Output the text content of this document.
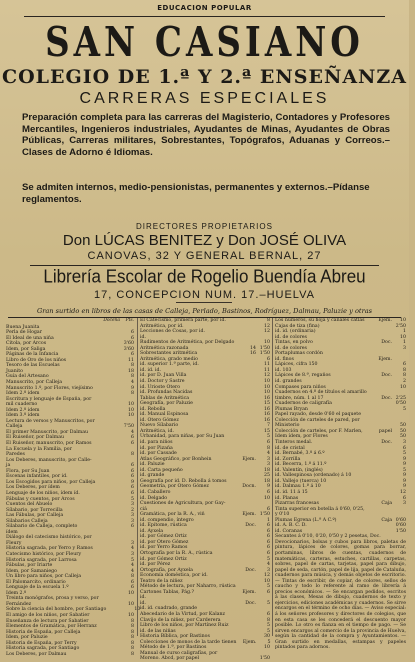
EDUCACION POPULAR
SAN CASIANO
COLEGIO DE 1.ª Y 2.ª ENSEÑANZA
CARRERAS ESPECIALES
Preparación completa para las carreras del Magisterio, Contadores y Profesores Mercantiles, Ingenieros industriales, Ayudantes de Minas, Ayudantes de Obras Públicas, Carreras militares, Sobrestantes, Topógrafos, Aduanas y Correos.–Clases de Adorno é Idiomas.
Se admiten internos, medio-pensionistas, permanentes y externos.–Pídanse reglamentos.
DIRECTORES PROPIETARIOS
Don LÚCAS BENITEZ y Don JOSÉ OLIVA
CANOVAS, 32 Y GENERAL BERNAL, 27
Librería Escolar de Rogelio Buendía Abreu
17, CONCEPCION NUM. 17.–HUELVA
Gran surtido en libros de las casas de Calleja, Perlado, Bastinos, Rodríguez, Dalmau, Paluzie y otras
Docena	Pts.
Buena Juanita
Perla de Hogar	6
El Ideal de una niña	6
Citola, por Arcos	3'60
Idem, por Saliga	3'60
Páginas de la Infancia	6
Libro de Oro de los niños	11
Tesoro de las Escuelas	8
Juanito	18
Guía del Artesano	8
Manuscrito, por Calleja	4
Manuscrito 1.º, por Flores, viejísimo	9
Idem 2.º idem	8
Escritura y lenguaje de España, por
mil cuaderno	10
Idem 2.º idem	10
Idem 3.º idem	10
Lectura de versos y Manuscritos, por
Calleja	7'50
El primer Manuscrito, por Dalmau	4
El Ruiseñor, por Dalmau	6
El Ruiseñor, manuscrito, por Ramos	6
La Escuela y la Familia, por
Paredes	8
Los Deberes, manuscrito, por Calle-
ja	6
Flora, por Su Juan	6
Escenas infantiles, por id.	6
Los Escogidos para niños, por Calleja	9
Los Deberes, por ídem	6
Lenguaje de los niños, ídem íd.	6
Fábulas y cuentos, por Arcos	5
Cuentos del Abuelo	3
Sílabario, por Torrecilla	2
Las Fábulas, por Calleja	3
Silabarios Calleja	3
Silabario de Calleja, completo	6
ídem
Diálogo del catecismo histórico, por
Fleury	3
Historia sagrada, por Yerro y Ramos	4
Catecismo histórico, por Fleury	3
Historia sagrada, por Larrosa	5
Fábulas, por Iriarte	4
Idem, por Samaniego	4
Un libro para niños, por Calleja	8
El Palomarcito, ordinario	6
Lenguaje de la escuela 1.º	6
Idem 2.º	10
Treinta monógrafos, prosa y verso, por
Fernández	10
Sobre la ciencia del hombre, por Santiago	10
El amigo de los niños, por Sabatier	10
Enseñanza de lectura por Sabatier	8
Elementos de Gramática, por Herranz	8
Historia de España, por Calleja	8
Idem, por Paluzie	8
Historia de España, por Terry	8
Historia sagrada, por Santiago	8
Los Deberes, por Dalmau	8
El Catecismo, primera parte, por id.	8
Aritmética, por id.	12
Lecciones de Cosas, por id.	12
id.
Rudimentos de Aritmética, por Delgado	10
Aritmética razonada	14 1'50
Sobrestantes aritmética	16 1'50
Aritmética, grado medio	6
id. superior 1.ª parte, id.	11
id. id. id.	11
id. por D. Juan Villa	12
id. Doctor y Sastre	10
id. Urioste Otero	10
id. Profundas Nacidas	10
Tablas de Aritmética	16
Geografía, por Paluzie	15
id. Rebolla	16
id. Manual Espinosa	16
id. Otero Gómez	16
Nuevo Sílabario	7
Aritmética, id.	15
Urbanidad, para niñas, por Su Juan	5
id. para niños	6
id. por Pizaña	8
id. por Cassade	4
Atlas Geográfico, por Bonhein	Ejem.	3
id. Paluzie	3
id. Carta pequeño	18
id. grande	25
Geografía por id. D. Rebolla á tomos	18
Geometría, por Otero Gómez	Docn.	9
id. Caballero	6
id. Delgado	10
Cuestiones de Agricultura, por Gay-
ciá	6
Gramática, por la R. A., viñ	Ejem. 1'50
id. compendio, íntegro	1
id. Epítome, rústica	Doc.	6
id. Ayxela	6
id. por Gómez Ortiz	6
id. por Otero Gómez	6
id. por Yerro Ramos	6
Ortografía por la R. A., rústica	6
id. por Gómez Ortiz	5
id. por Pérez	4
Ortografía, por Ayxela	Doc.	3
Economía doméstica, por id.	12
Teatro de la niñez	10
Método de lectura, por Naharro, rústica	5
Cartones Tablas, Pág.?	Ejem.	6
id.
id.	Doc.	5
id. id. cuadrado, grande
Abecedario de la Virtud, por Kalanz	6
Clavijo de la niñez, por Carderera	8
Libro de los niños, por Martínez Ruiz	5
id. de las niñas	5
Historia Bíblica, por Bastinos	30
Colecciones de monos de la tarde tienen	Ejem.	5
Método de 1.ª, por Bastinos	10
Manual de curso caligrafías, por
Moreno. Abcd, por papel	1'50
Los números, su hoja y canales catlas	Ejem.	10
Cajas de tiza (fina)	2'50
id. id. (ordinaria)	1
id. de colores	10
Tintas, en polvo	Doc.	1
id. de colores	3
Portaplumas cordón
id. finos	Ejem.
Lápices, cifra 150	6
id. 103	8
Lápices de 8.ª, regaños	Doc.	8
id. grandes	2
Compases para niños	10
Cuadernos en 4.º de títulos el amarillo
timbre, núm. 1 al 17	Doc. 2'25
Cuadernos de caligrafía	0'50
Plumas Bryan	5
Papel rayado, desde 0'60 el paquete
Colección de carteles de pared, por
Ministerio	50
Colección de carteles, por F. Marlen,	papel	50
Idem ídem, por Flores	50
Tinteros medal.	Doc.	3
id. de cristal	6
id. Bernabé, 3.º á 6.º	5
id. Zorrilla	9
id. Becerra, 1.º á 11.º	9
id. Valentín, (inglés)	5
id. Vallespinosa (ordenado) á 10	9
id. Vallejo (tuerca) 10	9
id. Dalmau 1.º á 10	9
id. id. 11 á 15	12
id. Planas	6
Pizarras francesas	Caja	3
Tinta superior en botella á 0'60, 0'25,
y 0'10
Plumas Egrena (L.ª A C.º)	Caja 0'60
id. A. B. C. D.	0'60
id. Coranas	1'50
Secantes á 0'10, 0'20, 0'50 y 2 pesetas, Doc.
Devocionarios, bolsas y cubos para libros, paletas de pintura, lápices de colores, gomas para borrar, portaminas, libros de cuentas, cuadernos de matemáticas, carteras, estuches, cartillas, carpetas, sobres, papel de cartas, tarjetas, papel para dibujo, papel de seda, cartón, papel de lija, papel de Cataluña, cuadernos para música, y demás objetos de escritorio. — Tintas de escribir, de copiar, de colores, sellos de caucho y todo lo referente al ramo de librería á precios económicos. — Se encargan pedidos, escritos á las clases, Mesas de dibujo, cuadernos de texto y ejercicios, ediciones académicas y cuadernos. Se sirve encargos en el término de ocho días. — Aviso especial: á los señores profesores y directores de colegios, que en esta casa se les concederá el descuento mayor posible. Lo otro es fianza en el tiempo de pago. — Se sirven encargos al comercio de la provincia de Huelva, según la cantidad de la compra y Ayuntamientos. — Gran surtido en medallas, estampas y papeles pintados para adornos.
